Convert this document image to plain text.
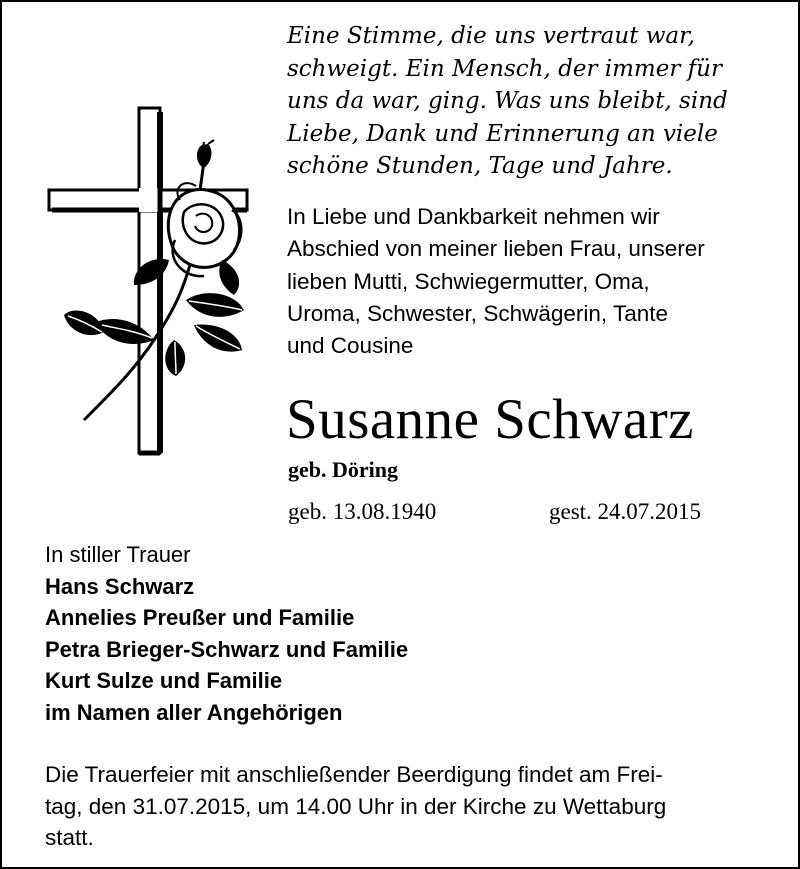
Eine Stimme, die uns vertraut war,
schweigt. Ein Mensch, der immer für
uns da war, ging. Was uns bleibt, sind
Liebe, Dank und Erinnerung an viele
schöne Stunden, Tage und Jahre.
In Liebe und Dankbarkeit nehmen wir
Abschied von meiner lieben Frau, unserer
lieben Mutti, Schwiegermutter, Oma,
Uroma, Schwester, Schwägerin, Tante
und Cousine
Susanne Schwarz
geb. Döring
geb. 13.08.1940	gest. 24.07.2015
In stiller Trauer
Hans Schwarz
Annelies Preußer und Familie
Petra Brieger-Schwarz und Familie
Kurt Sulze und Familie
im Namen aller Angehörigen
Die Trauerfeier mit anschließender Beerdigung findet am Frei-
tag, den 31.07.2015, um 14.00 Uhr in der Kirche zu Wettaburg
statt.
